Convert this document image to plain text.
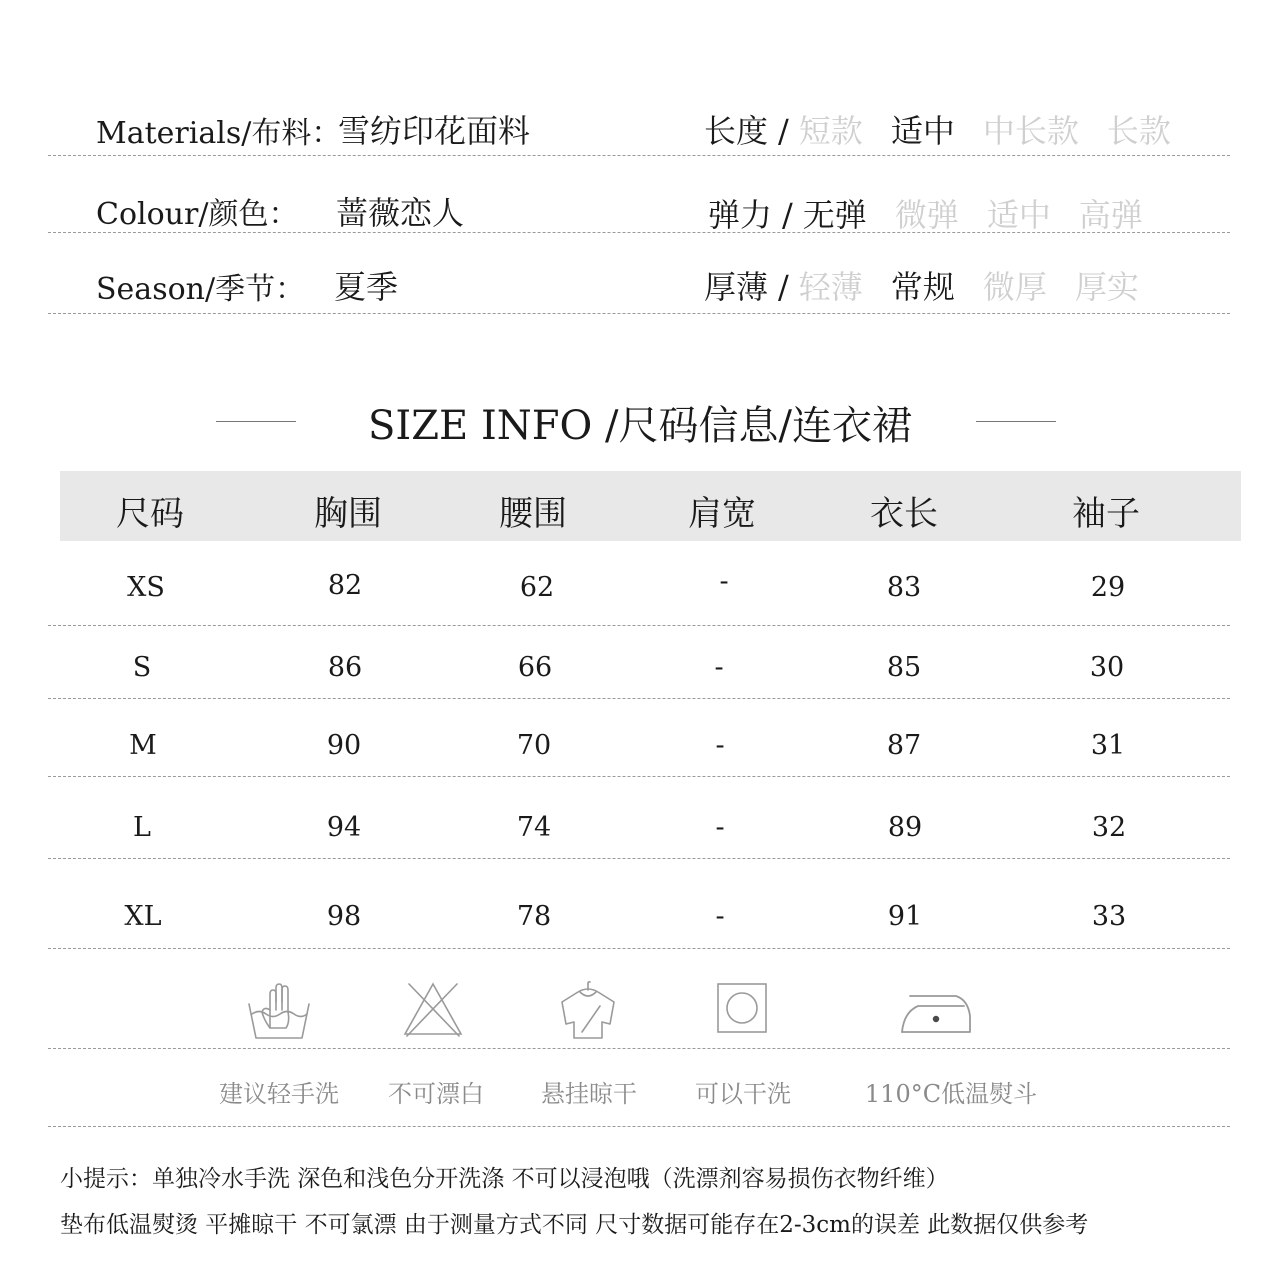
Materials/布料：
雪纺印花面料	长度 / 短款 适中 中长款 长款
Colour/颜色： 蔷薇恋人	弹力 / 无弹 微弹 适中 高弹
Season/季节： 夏季	厚薄 / 轻薄 常规 微厚 厚实
SIZE INFO /尺码信息/连衣裙
尺码	胸围	腰围	肩宽	衣长	袖子
XS	82	62	-	83	29
S	86	66	-	85	30
M	90	70	-	87	31
L	94	74	-	89	32
XL	98	78	-	91	33
建议轻手洗	不可漂白	悬挂晾干	可以干洗	110°C低温熨斗
小提示：单独冷水手洗 深色和浅色分开洗涤 不可以浸泡哦（洗漂剂容易损伤衣物纤维）
垫布低温熨烫 平摊晾干 不可氯漂 由于测量方式不同 尺寸数据可能存在2-3cm的误差 此数据仅供参考
